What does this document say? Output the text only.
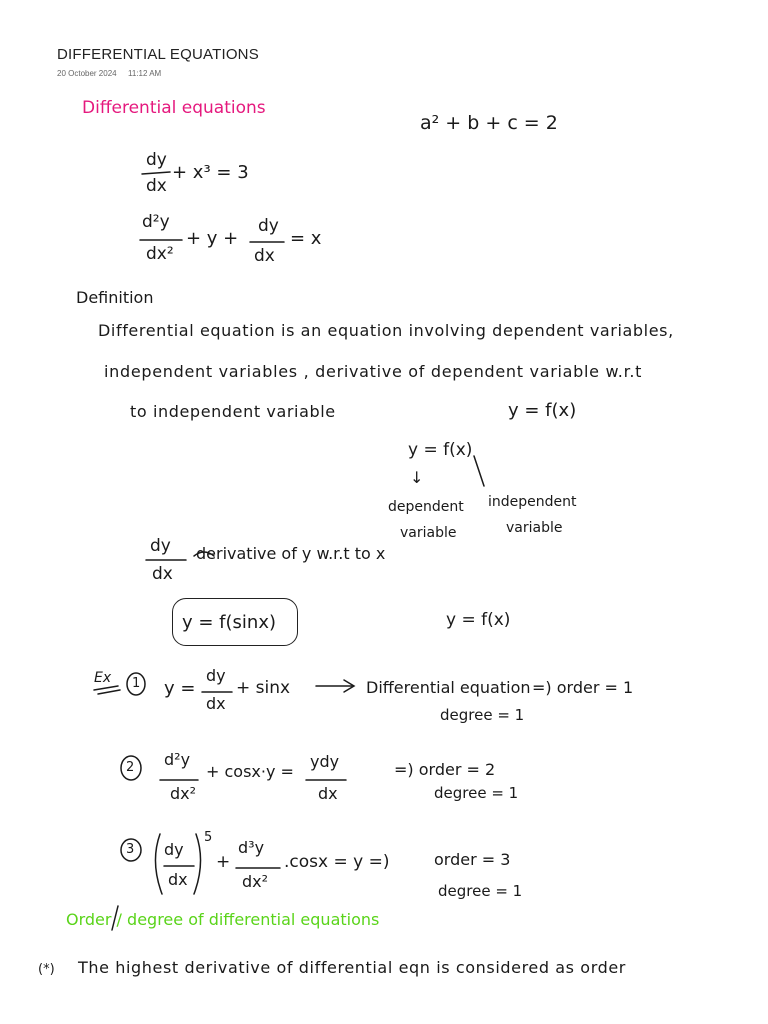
DIFFERENTIAL EQUATIONS
20 October 2024 11:12 AM
Differential equations
a² + b + c = 2
dy
dx
+ x³ = 3
d²y
dx²
+ y +
dy
dx
= x
Definition
Differential equation is an equation involving dependent variables,
independent variables , derivative of dependent variable w.r.t
to independent variable	y = f(x)
y = f(x)
↓
dependent
variable
independent
variable
dy
dx
derivative of y w.r.t to x
y = f(sinx)	y = f(x)
Ex 1 y =
dy
dx
+ sinx	Differential equation =) order = 1
degree = 1
2 d²y
dx²
+ cosx·y =
ydy
dx
=) order = 2
degree = 1
3 dy
dx
5
+
d³y
dx²
.cosx = y =)	order = 3
degree = 1
Order / degree of differential equations
(*) The highest derivative of differential eqn is considered as order
